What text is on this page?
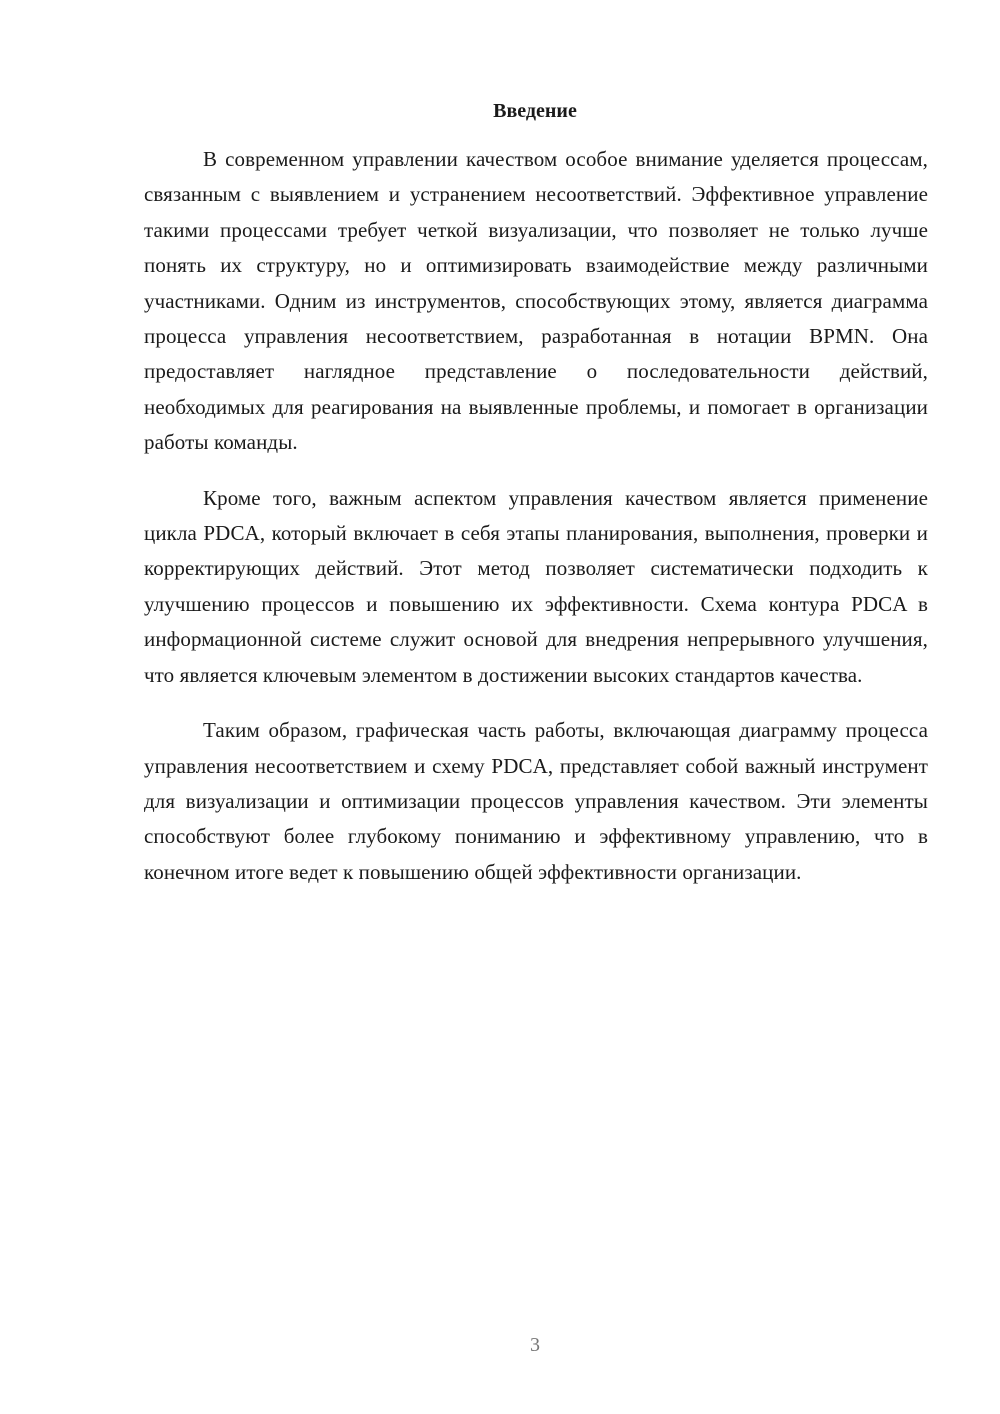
Введение

В современном управлении качеством особое внимание уделяется процессам, связанным с выявлением и устранением несоответствий. Эффективное управление такими процессами требует четкой визуализации, что позволяет не только лучше понять их структуру, но и оптимизировать взаимодействие между различными участниками. Одним из инструментов, способствующих этому, является диаграмма процесса управления несоответствием, разработанная в нотации BPMN. Она предоставляет наглядное представление о последовательности действий, необходимых для реагирования на выявленные проблемы, и помогает в организации работы команды.

Кроме того, важным аспектом управления качеством является применение цикла PDCA, который включает в себя этапы планирования, выполнения, проверки и корректирующих действий. Этот метод позволяет систематически подходить к улучшению процессов и повышению их эффективности. Схема контура PDCA в информационной системе служит основой для внедрения непрерывного улучшения, что является ключевым элементом в достижении высоких стандартов качества.

Таким образом, графическая часть работы, включающая диаграмму процесса управления несоответствием и схему PDCA, представляет собой важный инструмент для визуализации и оптимизации процессов управления качеством. Эти элементы способствуют более глубокому пониманию и эффективному управлению, что в конечном итоге ведет к повышению общей эффективности организации.

3
